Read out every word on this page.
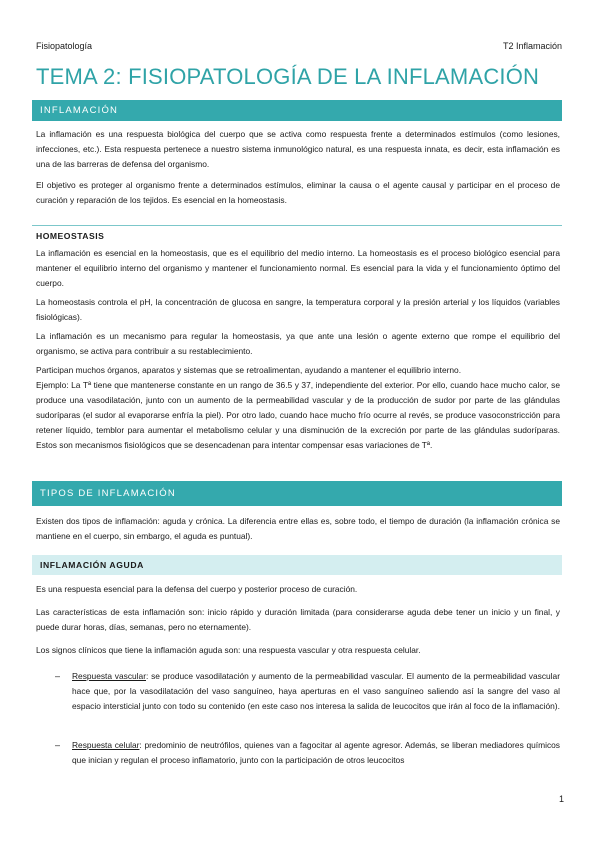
Fisiopatología	T2 Inflamación
TEMA 2: FISIOPATOLOGÍA DE LA INFLAMACIÓN
INFLAMACIÓN

La inflamación es una respuesta biológica del cuerpo que se activa como respuesta frente a determinados estímulos (como lesiones, infecciones, etc.). Esta respuesta pertenece a nuestro sistema inmunológico natural, es una respuesta innata, es decir, esta inflamación es una de las barreras de defensa del organismo.

El objetivo es proteger al organismo frente a determinados estímulos, eliminar la causa o el agente causal y participar en el proceso de curación y reparación de los tejidos. Es esencial en la homeostasis.

HOMEOSTASIS

La inflamación es esencial en la homeostasis, que es el equilibrio del medio interno. La homeostasis es el proceso biológico esencial para mantener el equilibrio interno del organismo y mantener el funcionamiento normal. Es esencial para la vida y el funcionamiento óptimo del cuerpo.

La homeostasis controla el pH, la concentración de glucosa en sangre, la temperatura corporal y la presión arterial y los líquidos (variables fisiológicas).

La inflamación es un mecanismo para regular la homeostasis, ya que ante una lesión o agente externo que rompe el equilibrio del organismo, se activa para contribuir a su restablecimiento.

Participan muchos órganos, aparatos y sistemas que se retroalimentan, ayudando a mantener el equilibrio interno.
Ejemplo: La Tª tiene que mantenerse constante en un rango de 36.5 y 37, independiente del exterior. Por ello, cuando hace mucho calor, se produce una vasodilatación, junto con un aumento de la permeabilidad vascular y de la producción de sudor por parte de las glándulas sudoríparas (el sudor al evaporarse enfría la piel). Por otro lado, cuando hace mucho frío ocurre al revés, se produce vasoconstricción para retener líquido, temblor para aumentar el metabolismo celular y una disminución de la excreción por parte de las glándulas sudoríparas. Estos son mecanismos fisiológicos que se desencadenan para intentar compensar esas variaciones de Tª.

TIPOS DE INFLAMACIÓN

Existen dos tipos de inflamación: aguda y crónica. La diferencia entre ellas es, sobre todo, el tiempo de duración (la inflamación crónica se mantiene en el cuerpo, sin embargo, el aguda es puntual).

INFLAMACIÓN AGUDA

Es una respuesta esencial para la defensa del cuerpo y posterior proceso de curación.

Las características de esta inflamación son: inicio rápido y duración limitada (para considerarse aguda debe tener un inicio y un final, y puede durar horas, días, semanas, pero no eternamente).

Los signos clínicos que tiene la inflamación aguda son: una respuesta vascular y otra respuesta celular.

– Respuesta vascular: se produce vasodilatación y aumento de la permeabilidad vascular. El aumento de la permeabilidad vascular hace que, por la vasodilatación del vaso sanguíneo, haya aperturas en el vaso sanguíneo saliendo así la sangre del vaso al espacio intersticial junto con todo su contenido (en este caso nos interesa la salida de leucocitos que irán al foco de la inflamación).

– Respuesta celular: predominio de neutrófilos, quienes van a fagocitar al agente agresor. Además, se liberan mediadores químicos que inician y regulan el proceso inflamatorio, junto con la participación de otros leucocitos

1
